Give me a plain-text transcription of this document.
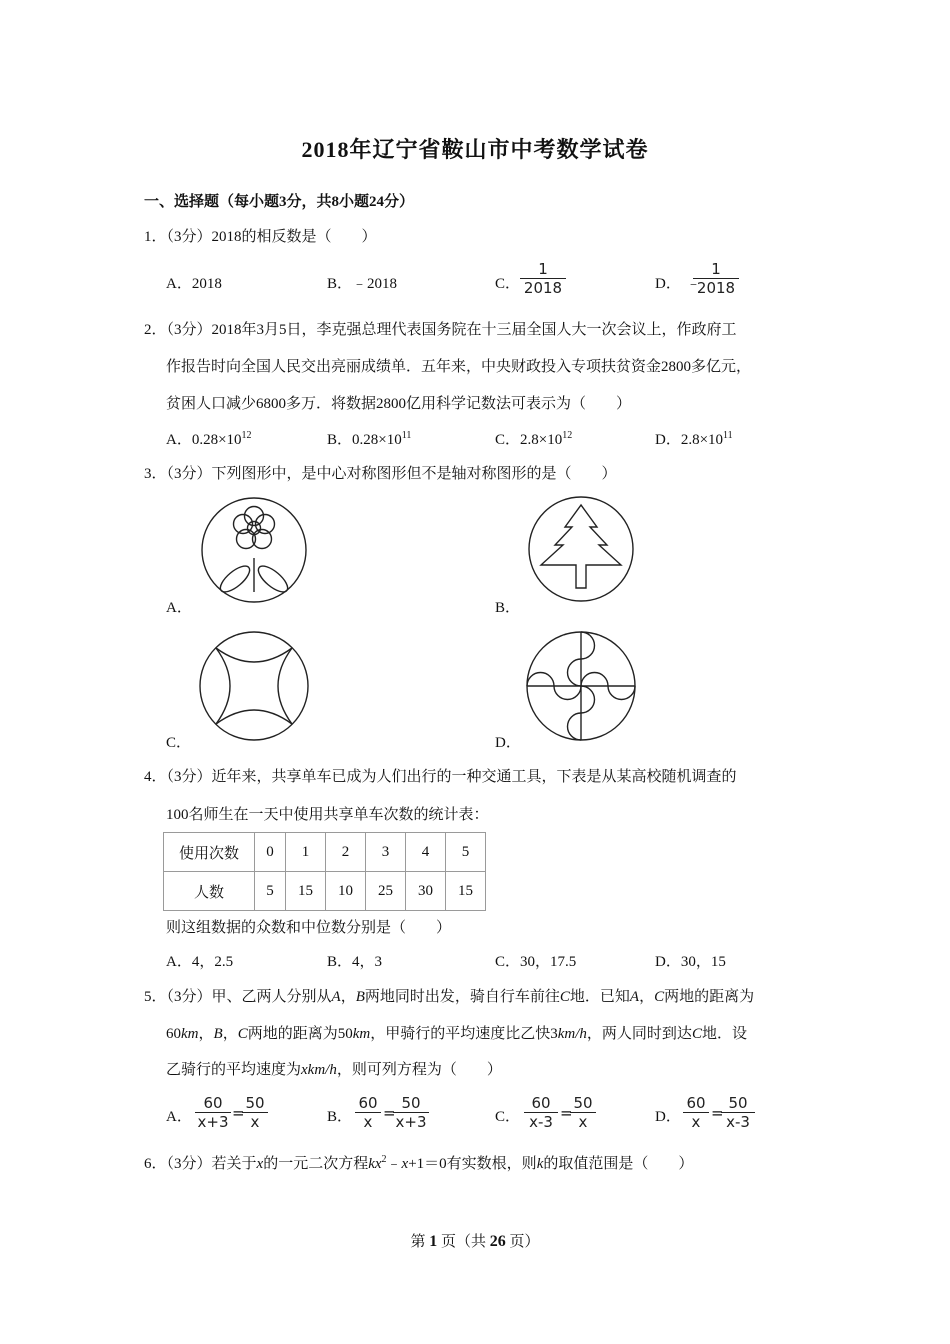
2018年辽宁省鞍山市中考数学试卷
一、选择题（每小题3分，共8小题24分）
1．（3分）2018的相反数是（　　）
A．2018	B．﹣2018	C． $\frac{1}{2018}$	D． ﹣
$\frac{1}{2018}$
2．（3分）2018年3月5日，李克强总理代表国务院在十三届全国人大一次会议上，作政府工
作报告时向全国人民交出亮丽成绩单．五年来，中央财政投入专项扶贫资金2800多亿元，
贫困人口减少6800多万．将数据2800亿用科学记数法可表示为（　　）
A．$0.28\times 10^{12}$	B．$0.28\times 10^{11}$	C．$2.8\times 10^{12}$	D．$2.8\times 10^{11}$
3．（3分）下列图形中，是中心对称图形但不是轴对称图形的是（　　）
A．	B．
C．	D．
4．（3分）近年来，共享单车已成为人们出行的一种交通工具，下表是从某高校随机调查的
100名师生在一天中使用共享单车次数的统计表：
使用次数	0	1	2	3	4	5
人数	5	15	10	25	30	15
则这组数据的众数和中位数分别是（　　）
A．4，2.5	B．4，3	C．30，17.5	D．30，15
5．（3分）甲、乙两人分别从A，B两地同时出发，骑自行车前往C地．已知A，C两地的距离为
60km，B，C两地的距离为50km，甲骑行的平均速度比乙快3km/h，两人同时到达C地．设
乙骑行的平均速度为xkm/h，则可列方程为（　　）
A． $\frac{60}{x+3}$ =
$\frac{50}{x}$	B． $\frac{60}{x}$ =
$\frac{50}{x+3}$	C． $\frac{60}{x-3}$ =
$\frac{50}{x}$	D． $\frac{60}{x}$ =
$\frac{50}{x-3}$
6．（3分）若关于x的一元二次方程$kx^2﹣x+1=0$有实数根，则k的取值范围是（　　）
第 1 页（共 26 页）
